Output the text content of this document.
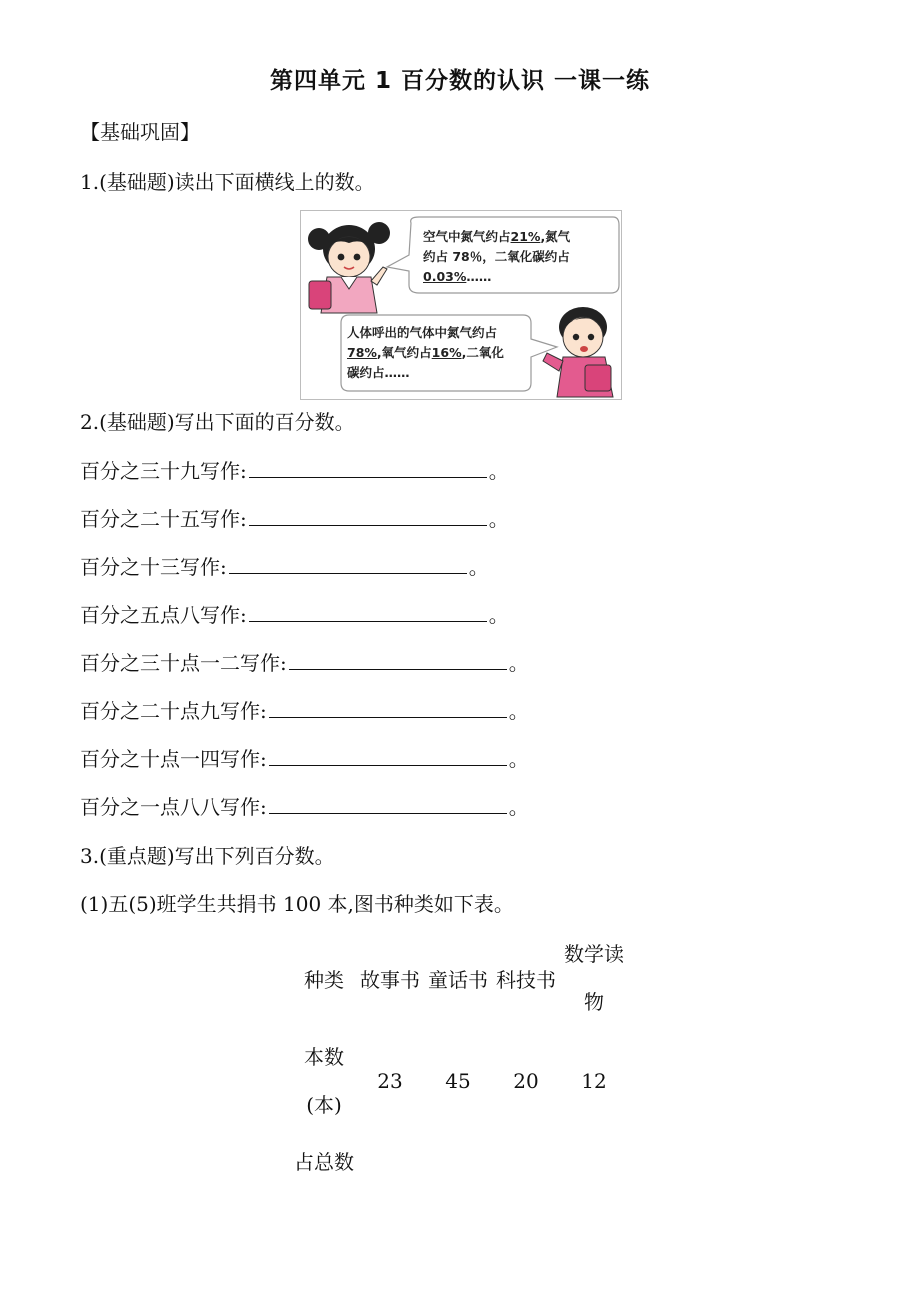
第四单元 1 百分数的认识 一课一练
【基础巩固】
1.(基础题)读出下面横线上的数。
空气中氮气约占21%,氮气
约占 78％，二氧化碳约占
0.03%……
人体呼出的气体中氮气约占
78%,氧气约占16%,二氧化
碳约占……
2.(基础题)写出下面的百分数。
百分之三十九写作:	。
百分之二十五写作:	。
百分之十三写作:	。
百分之五点八写作:	。
百分之三十点一二写作:	。
百分之二十点九写作:	。
百分之十点一四写作:	。
百分之一点八八写作:	。
3.(重点题)写出下列百分数。
(1)五(5)班学生共捐书 100 本,图书种类如下表。
种类	故事书	童话书	科技书	数学读
物

本数
(本)	23	45	20	12
占总数				
